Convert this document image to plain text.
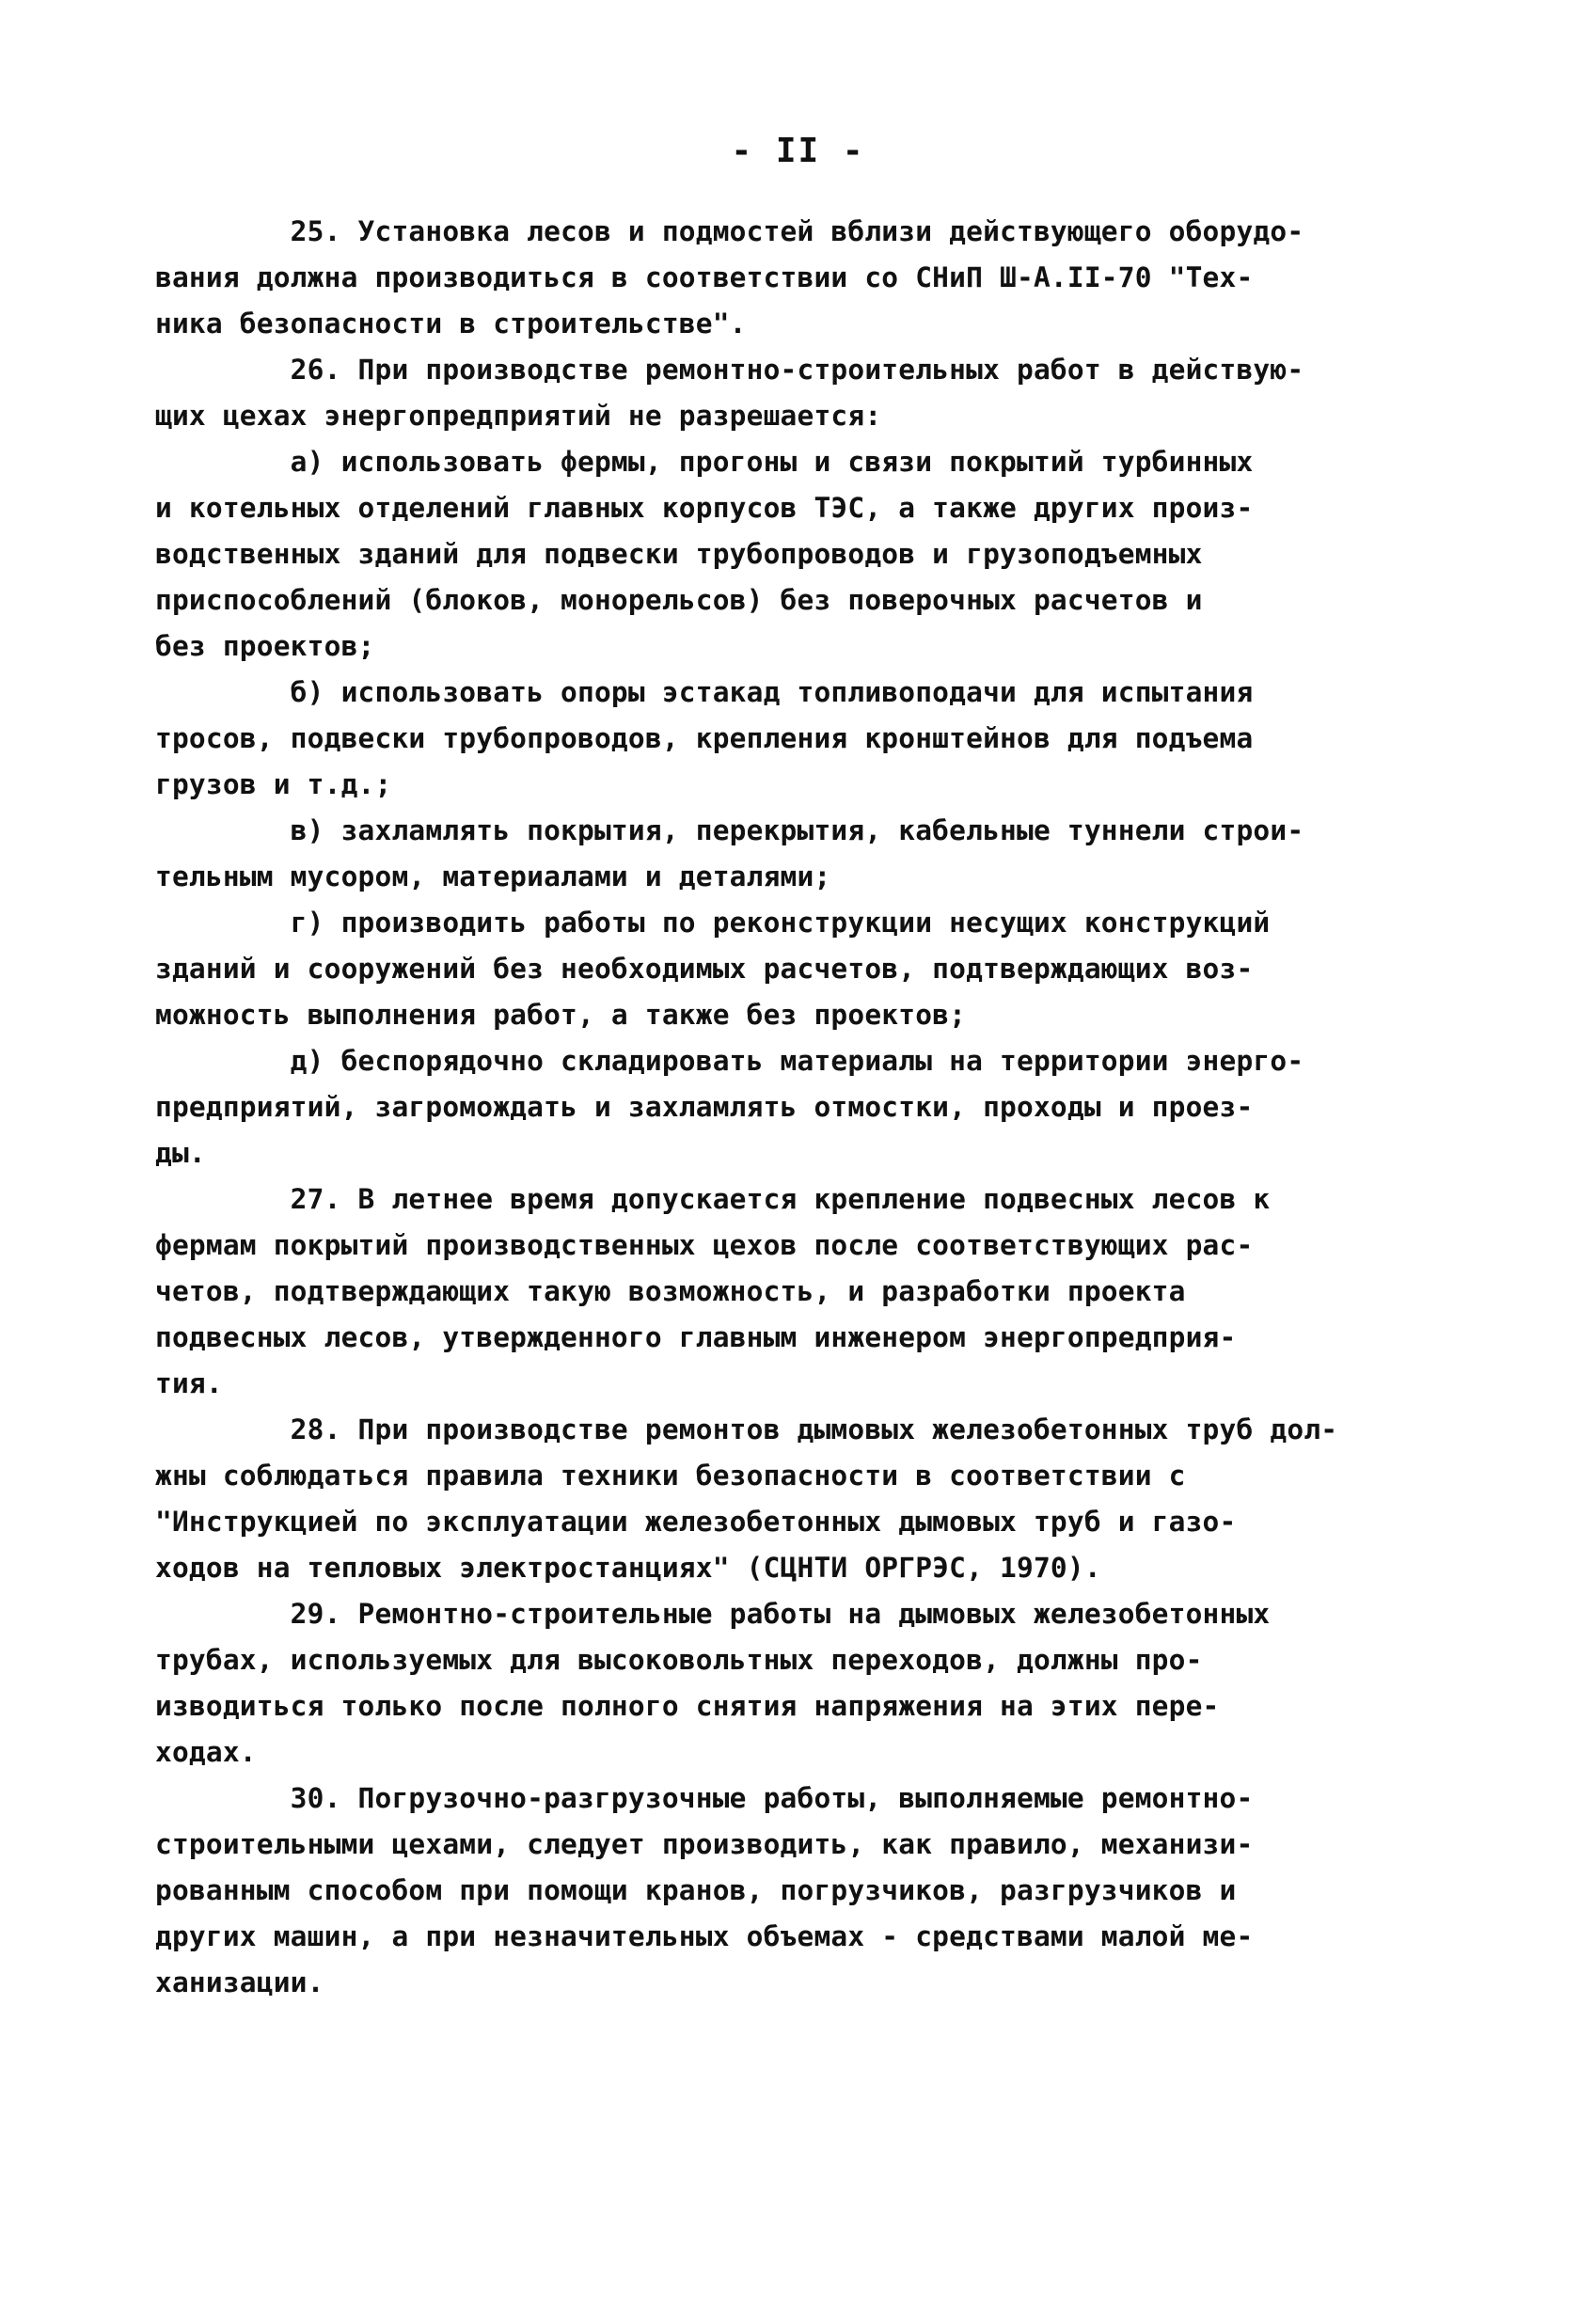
- II -
25. Установка лесов и подмостей вблизи действующего оборудо-
вания должна производиться в соответствии со СНиП Ш-А.II-70 "Тех-
ника безопасности в строительстве".
26. При производстве ремонтно-строительных работ в действую-
щих цехах энергопредприятий не разрешается:
а) использовать фермы, прогоны и связи покрытий турбинных
и котельных отделений главных корпусов ТЭС, а также других произ-
водственных зданий для подвески трубопроводов и грузоподъемных
приспособлений (блоков, монорельсов) без поверочных расчетов и
без проектов;
б) использовать опоры эстакад топливоподачи для испытания
тросов, подвески трубопроводов, крепления кронштейнов для подъема
грузов и т.д.;
в) захламлять покрытия, перекрытия, кабельные туннели строи-
тельным мусором, материалами и деталями;
г) производить работы по реконструкции несущих конструкций
зданий и сооружений без необходимых расчетов, подтверждающих воз-
можность выполнения работ, а также без проектов;
д) беспорядочно складировать материалы на территории энерго-
предприятий, загромождать и захламлять отмостки, проходы и проез-
ды.
27. В летнее время допускается крепление подвесных лесов к
фермам покрытий производственных цехов после соответствующих рас-
четов, подтверждающих такую возможность, и разработки проекта
подвесных лесов, утвержденного главным инженером энергопредприя-
тия.
28. При производстве ремонтов дымовых железобетонных труб дол-
жны соблюдаться правила техники безопасности в соответствии с
"Инструкцией по эксплуатации железобетонных дымовых труб и газо-
ходов на тепловых электростанциях" (СЦНТИ ОРГРЭС, 1970).
29. Ремонтно-строительные работы на дымовых железобетонных
трубах, используемых для высоковольтных переходов, должны про-
изводиться только после полного снятия напряжения на этих пере-
ходах.
30. Погрузочно-разгрузочные работы, выполняемые ремонтно-
строительными цехами, следует производить, как правило, механизи-
рованным способом при помощи кранов, погрузчиков, разгрузчиков и
других машин, а при незначительных объемах - средствами малой ме-
ханизации.
